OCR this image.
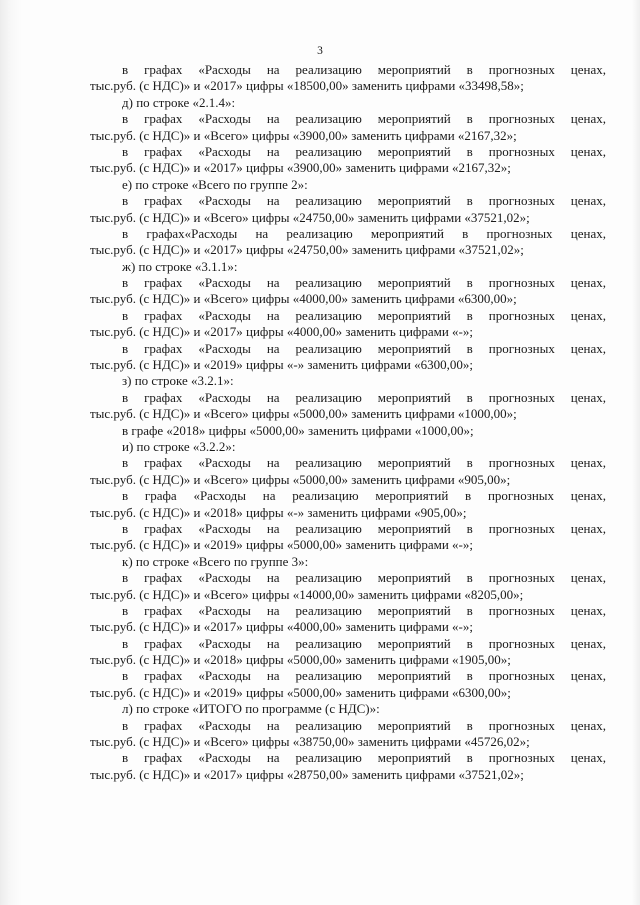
3
в графах «Расходы на реализацию мероприятий в прогнозных ценах,
тыс.руб. (с НДС)» и «2017» цифры «18500,00» заменить цифрами «33498,58»;
д) по строке «2.1.4»:
в графах «Расходы на реализацию мероприятий в прогнозных ценах,
тыс.руб. (с НДС)» и «Всего» цифры «3900,00» заменить цифрами «2167,32»;
в графах «Расходы на реализацию мероприятий в прогнозных ценах,
тыс.руб. (с НДС)» и «2017» цифры «3900,00» заменить цифрами «2167,32»;
е) по строке «Всего по группе 2»:
в графах «Расходы на реализацию мероприятий в прогнозных ценах,
тыс.руб. (с НДС)» и «Всего» цифры «24750,00» заменить цифрами «37521,02»;
в графах«Расходы на реализацию мероприятий в прогнозных ценах,
тыс.руб. (с НДС)» и «2017» цифры «24750,00» заменить цифрами «37521,02»;
ж) по строке «3.1.1»:
в графах «Расходы на реализацию мероприятий в прогнозных ценах,
тыс.руб. (с НДС)» и «Всего» цифры «4000,00» заменить цифрами «6300,00»;
в графах «Расходы на реализацию мероприятий в прогнозных ценах,
тыс.руб. (с НДС)» и «2017» цифры «4000,00» заменить цифрами «-»;
в графах «Расходы на реализацию мероприятий в прогнозных ценах,
тыс.руб. (с НДС)» и «2019» цифры «-» заменить цифрами «6300,00»;
з) по строке «3.2.1»:
в графах «Расходы на реализацию мероприятий в прогнозных ценах,
тыс.руб. (с НДС)» и «Всего» цифры «5000,00» заменить цифрами «1000,00»;
в графе «2018» цифры «5000,00» заменить цифрами «1000,00»;
и) по строке «3.2.2»:
в графах «Расходы на реализацию мероприятий в прогнозных ценах,
тыс.руб. (с НДС)» и «Всего» цифры «5000,00» заменить цифрами «905,00»;
в графа «Расходы на реализацию мероприятий в прогнозных ценах,
тыс.руб. (с НДС)» и «2018» цифры «-» заменить цифрами «905,00»;
в графах «Расходы на реализацию мероприятий в прогнозных ценах,
тыс.руб. (с НДС)» и «2019» цифры «5000,00» заменить цифрами «-»;
к) по строке «Всего по группе 3»:
в графах «Расходы на реализацию мероприятий в прогнозных ценах,
тыс.руб. (с НДС)» и «Всего» цифры «14000,00» заменить цифрами «8205,00»;
в графах «Расходы на реализацию мероприятий в прогнозных ценах,
тыс.руб. (с НДС)» и «2017» цифры «4000,00» заменить цифрами «-»;
в графах «Расходы на реализацию мероприятий в прогнозных ценах,
тыс.руб. (с НДС)» и «2018» цифры «5000,00» заменить цифрами «1905,00»;
в графах «Расходы на реализацию мероприятий в прогнозных ценах,
тыс.руб. (с НДС)» и «2019» цифры «5000,00» заменить цифрами «6300,00»;
л) по строке «ИТОГО по программе (с НДС)»:
в графах «Расходы на реализацию мероприятий в прогнозных ценах,
тыс.руб. (с НДС)» и «Всего» цифры «38750,00» заменить цифрами «45726,02»;
в графах «Расходы на реализацию мероприятий в прогнозных ценах,
тыс.руб. (с НДС)» и «2017» цифры «28750,00» заменить цифрами «37521,02»;
